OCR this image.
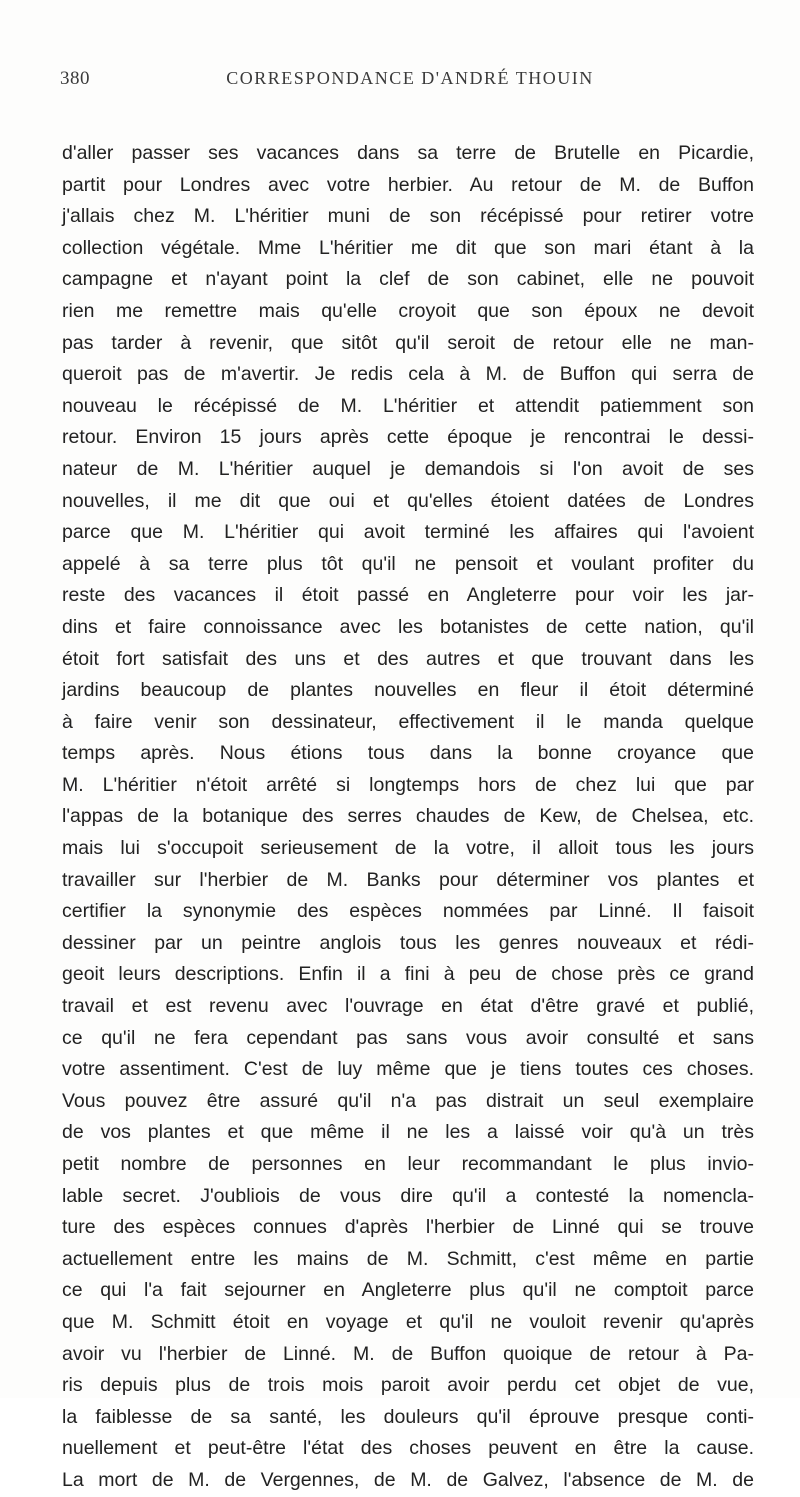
380	CORRESPONDANCE D'ANDRÉ THOUIN
d'aller passer ses vacances dans sa terre de Brutelle en Picardie,
partit pour Londres avec votre herbier. Au retour de M. de Buffon
j'allais chez M. L'héritier muni de son récépissé pour retirer votre
collection végétale. Mme L'héritier me dit que son mari étant à la
campagne et n'ayant point la clef de son cabinet, elle ne pouvoit
rien me remettre mais qu'elle croyoit que son époux ne devoit
pas tarder à revenir, que sitôt qu'il seroit de retour elle ne man-
queroit pas de m'avertir. Je redis cela à M. de Buffon qui serra de
nouveau le récépissé de M. L'héritier et attendit patiemment son
retour. Environ 15 jours après cette époque je rencontrai le dessi-
nateur de M. L'héritier auquel je demandois si l'on avoit de ses
nouvelles, il me dit que oui et qu'elles étoient datées de Londres
parce que M. L'héritier qui avoit terminé les affaires qui l'avoient
appelé à sa terre plus tôt qu'il ne pensoit et voulant profiter du
reste des vacances il étoit passé en Angleterre pour voir les jar-
dins et faire connoissance avec les botanistes de cette nation, qu'il
étoit fort satisfait des uns et des autres et que trouvant dans les
jardins beaucoup de plantes nouvelles en fleur il étoit déterminé
à faire venir son dessinateur, effectivement il le manda quelque
temps après. Nous étions tous dans la bonne croyance que
M. L'héritier n'étoit arrêté si longtemps hors de chez lui que par
l'appas de la botanique des serres chaudes de Kew, de Chelsea, etc.
mais lui s'occupoit serieusement de la votre, il alloit tous les jours
travailler sur l'herbier de M. Banks pour déterminer vos plantes et
certifier la synonymie des espèces nommées par Linné. Il faisoit
dessiner par un peintre anglois tous les genres nouveaux et rédi-
geoit leurs descriptions. Enfin il a fini à peu de chose près ce grand
travail et est revenu avec l'ouvrage en état d'être gravé et publié,
ce qu'il ne fera cependant pas sans vous avoir consulté et sans
votre assentiment. C'est de luy même que je tiens toutes ces choses.
Vous pouvez être assuré qu'il n'a pas distrait un seul exemplaire
de vos plantes et que même il ne les a laissé voir qu'à un très
petit nombre de personnes en leur recommandant le plus invio-
lable secret. J'oubliois de vous dire qu'il a contesté la nomencla-
ture des espèces connues d'après l'herbier de Linné qui se trouve
actuellement entre les mains de M. Schmitt, c'est même en partie
ce qui l'a fait sejourner en Angleterre plus qu'il ne comptoit parce
que M. Schmitt étoit en voyage et qu'il ne vouloit revenir qu'après
avoir vu l'herbier de Linné. M. de Buffon quoique de retour à Pa-
ris depuis plus de trois mois paroit avoir perdu cet objet de vue,
la faiblesse de sa santé, les douleurs qu'il éprouve presque conti-
nuellement et peut-être l'état des choses peuvent en être la cause.
La mort de M. de Vergennes, de M. de Galvez, l'absence de M. de
